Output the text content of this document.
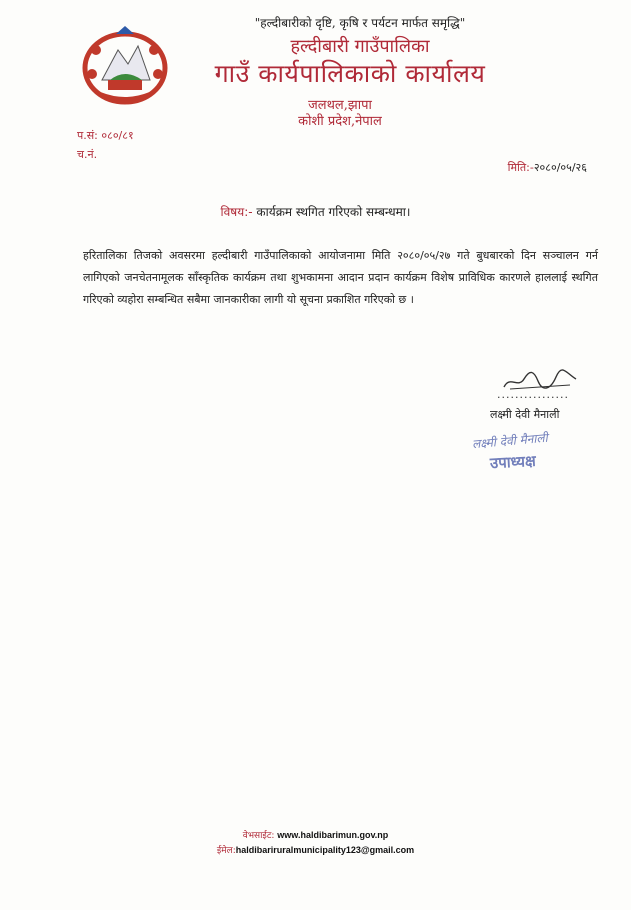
"हल्दीबारीको दृष्टि, कृषि र पर्यटन मार्फत समृद्धि"
हल्दीबारी गाउँपालिका
गाउँ कार्यपालिकाको कार्यालय
जलथल,झापा
कोशी प्रदेश,नेपाल
प.सं: ०८०/८१
च.नं.
मिति:-२०८०/०५/२६
विषय:- कार्यक्रम स्थगित गरिएको सम्बन्धमा।
हरितालिका तिजको अवसरमा हल्दीबारी गाउँपालिकाको आयोजनामा मिति २०८०/०५/२७ गते बुधबारको दिन सञ्चालन गर्न लागिएको जनचेतनामूलक साँस्कृतिक कार्यक्रम तथा शुभकामना आदान प्रदान कार्यक्रम विशेष प्राविधिक कारणले हाललाई स्थगित गरिएको व्यहोरा सम्बन्धित सबैमा जानकारीका लागी यो सूचना प्रकाशित गरिएको छ ।
................
लक्ष्मी देवी मैनाली
लक्ष्मी देवी मैनाली
उपाध्यक्ष
वेभसाईट: www.haldibarimun.gov.np
ईमेल:haldibariruralmunicipality123@gmail.com
